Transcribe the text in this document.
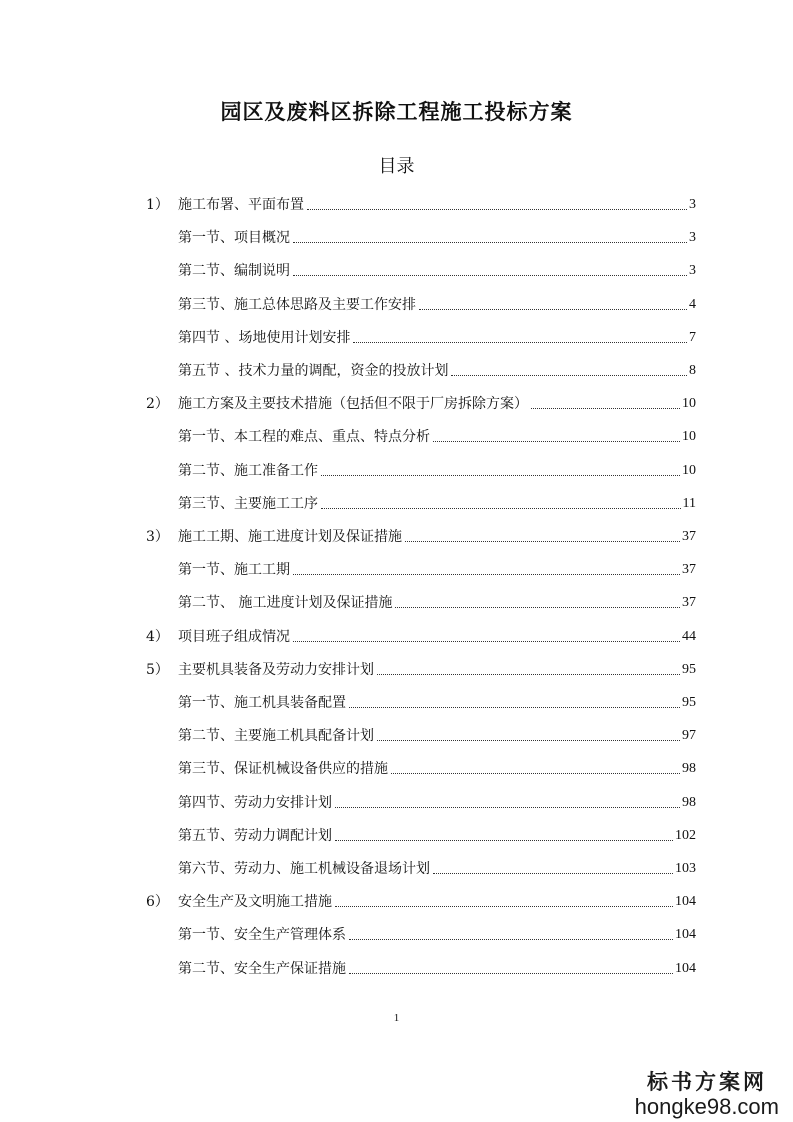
园区及废料区拆除工程施工投标方案
目录
1） 施工布署、平面布置	3
第一节、项目概况	3
第二节、编制说明	3
第三节、施工总体思路及主要工作安排	4
第四节 、场地使用计划安排	7
第五节 、技术力量的调配，资金的投放计划	8
2） 施工方案及主要技术措施（包括但不限于厂房拆除方案）	10
第一节、本工程的难点、重点、特点分析	10
第二节、施工准备工作	10
第三节、主要施工工序	11
3） 施工工期、施工进度计划及保证措施	37
第一节、施工工期	37
第二节、 施工进度计划及保证措施	37
4） 项目班子组成情况	44
5） 主要机具装备及劳动力安排计划	95
第一节、施工机具装备配置	95
第二节、主要施工机具配备计划	97
第三节、保证机械设备供应的措施	98
第四节、劳动力安排计划	98
第五节、劳动力调配计划	102
第六节、劳动力、施工机械设备退场计划	103
6） 安全生产及文明施工措施	104
第一节、安全生产管理体系	104
第二节、安全生产保证措施	104
1
标书方案网
hongke98.com
